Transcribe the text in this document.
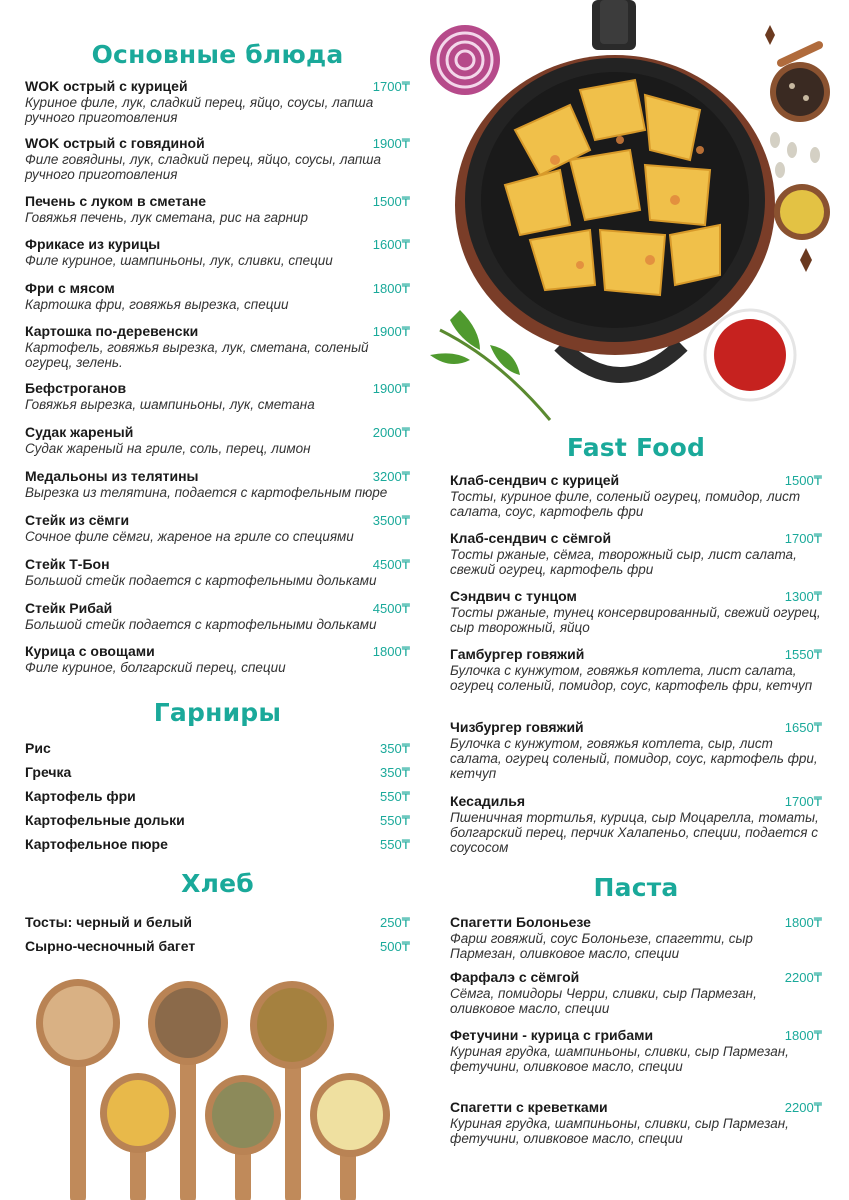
Основные блюда
WOK острый с курицей	1700₸
Куриное филе, лук, сладкий перец, яйцо, соусы, лапша ручного приготовления
WOK острый с говядиной	1900₸
Филе говядины, лук, сладкий перец, яйцо, соусы, лапша ручного приготовления
Печень с луком в сметане	1500₸
Говяжья печень, лук сметана, рис на гарнир
Фрикасе из курицы	1600₸
Филе куриное, шампиньоны, лук, сливки, специи
Фри с мясом	1800₸
Картошка фри, говяжья вырезка, специи
Картошка по-деревенски	1900₸
Картофель, говяжья вырезка, лук, сметана, соленый огурец, зелень.
Бефстроганов	1900₸
Говяжья вырезка, шампиньоны, лук, сметана
Судак жареный	2000₸
Судак жареный на гриле, соль, перец, лимон
Медальоны из телятины	3200₸
Вырезка из телятина, подается с картофельным пюре
Стейк из сёмги	3500₸
Сочное филе сёмги, жареное на гриле со специями
Стейк Т-Бон	4500₸
Большой стейк подается с картофельными дольками
Стейк Рибай	4500₸
Большой стейк подается с картофельными дольками
Курица с овощами	1800₸
Филе куриное, болгарский перец, специи
Гарниры
Рис	350₸
Гречка	350₸
Картофель фри	550₸
Картофельные дольки	550₸
Картофельное пюре	550₸
Хлеб
Тосты: черный и белый	250₸
Сырно-чесночный багет	500₸
Fast Food
Клаб-сендвич с курицей	1500₸
Тосты, куриное филе, соленый огурец, помидор, лист салата, соус, картофель фри
Клаб-сендвич с сёмгой	1700₸
Тосты ржаные, сёмга, творожный сыр, лист салата, свежий огурец, картофель фри
Сэндвич с тунцом	1300₸
Тосты ржаные, тунец консервированный, свежий огурец, сыр творожный, яйцо
Гамбургер говяжий	1550₸
Булочка с кунжутом, говяжья котлета, лист салата, огурец соленый, помидор, соус, картофель фри, кетчуп
Чизбургер говяжий	1650₸
Булочка с кунжутом, говяжья котлета, сыр, лист салата, огурец соленый, помидор, соус, картофель фри, кетчуп
Кесадилья	1700₸
Пшеничная тортилья, курица, сыр Моцарелла, томаты, болгарский перец, перчик Халапеньо, специи, подается с соусосом
Паста
Спагетти Болоньезе	1800₸
Фарш говяжий, соус Болоньезе, спагетти, сыр Пармезан, оливковое масло, специи
Фарфалэ с сёмгой	2200₸
Сёмга, помидоры Черри, сливки, сыр Пармезан, оливковое масло, специи
Фетучини - курица с грибами	1800₸
Куриная грудка, шампиньоны, сливки, сыр Пармезан, фетучини, оливковое масло, специи
Спагетти с креветками	2200₸
Куриная грудка, шампиньоны, сливки, сыр Пармезан, фетучини, оливковое масло, специи
